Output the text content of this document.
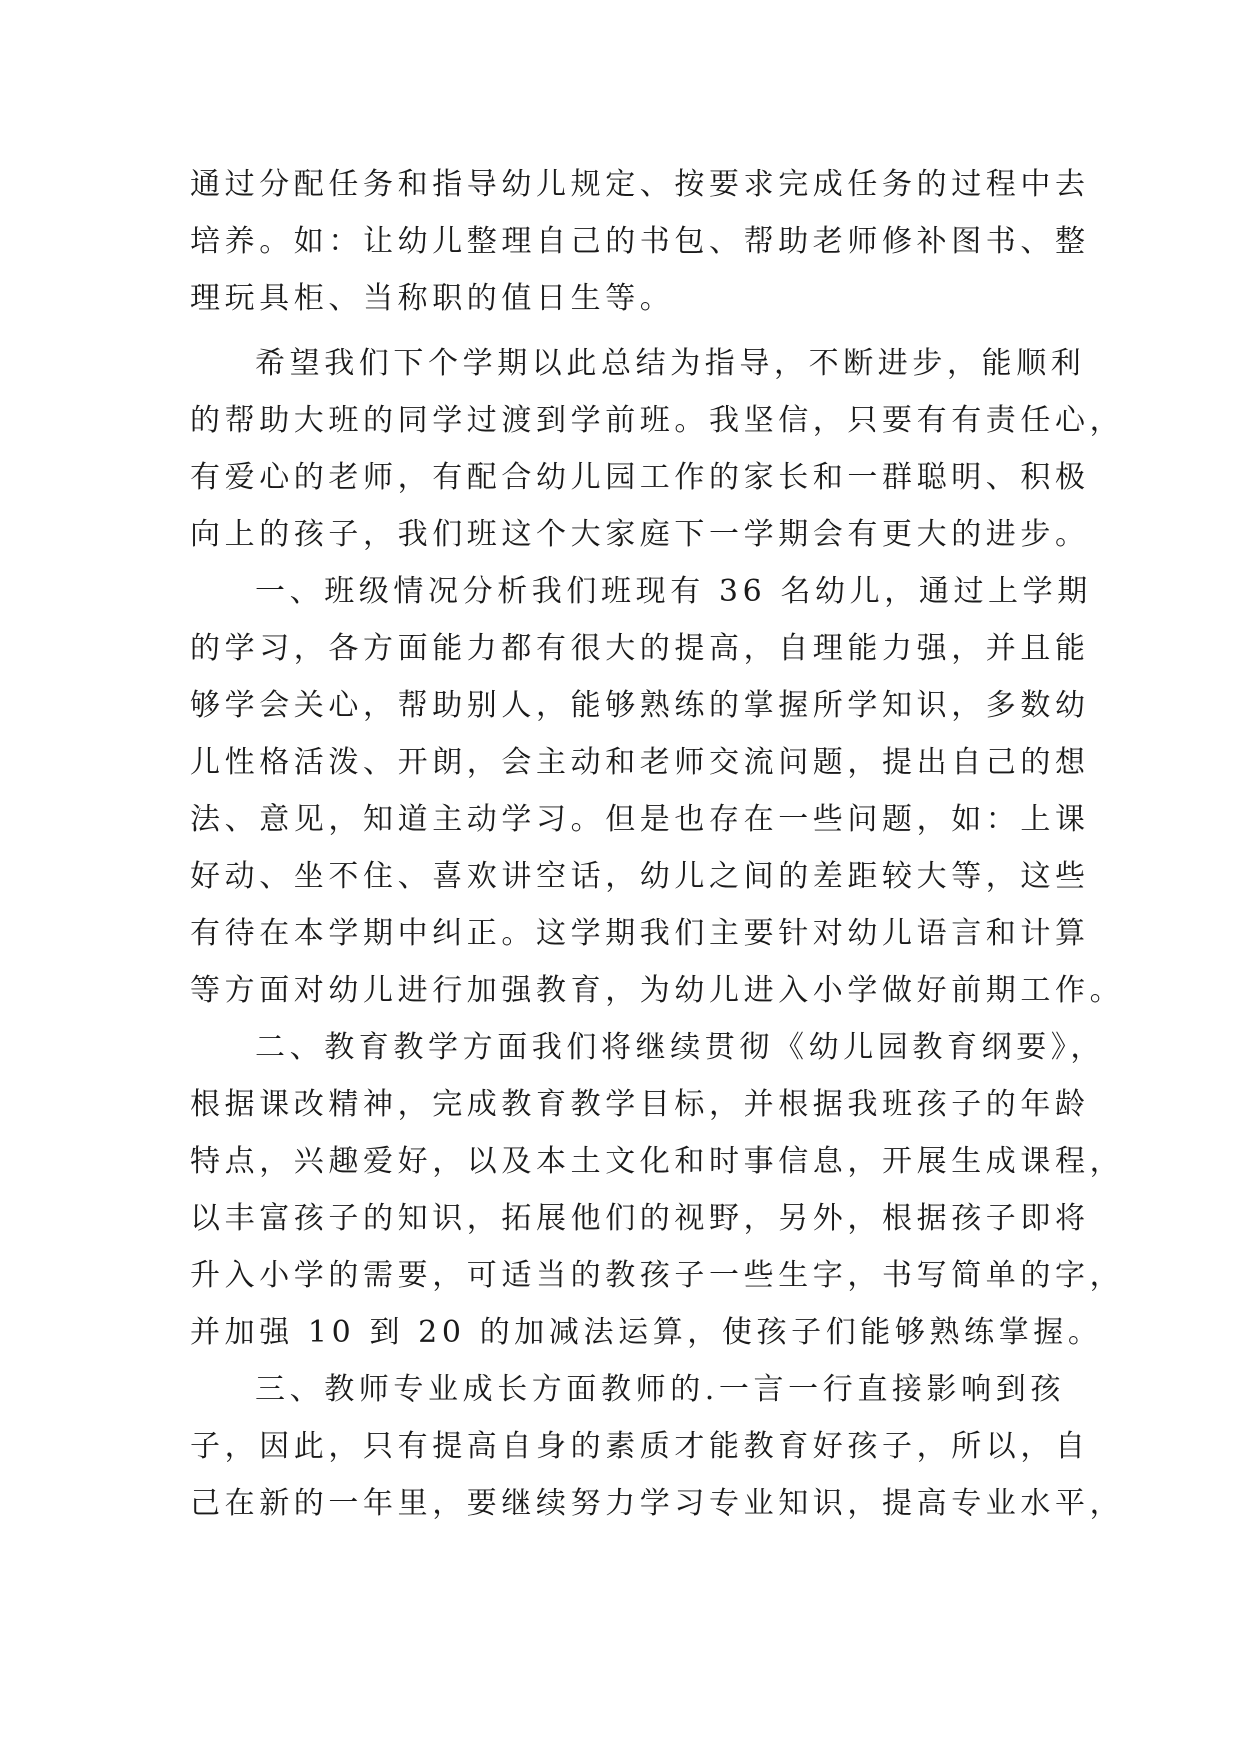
通过分配任务和指导幼儿规定、按要求完成任务的过程中去
培养。如：让幼儿整理自己的书包、帮助老师修补图书、整
理玩具柜、当称职的值日生等。
希望我们下个学期以此总结为指导，不断进步，能顺利
的帮助大班的同学过渡到学前班。我坚信，只要有有责任心，
有爱心的老师，有配合幼儿园工作的家长和一群聪明、积极
向上的孩子，我们班这个大家庭下一学期会有更大的进步。
一、班级情况分析我们班现有 36 名幼儿，通过上学期
的学习，各方面能力都有很大的提高，自理能力强，并且能
够学会关心，帮助别人，能够熟练的掌握所学知识，多数幼
儿性格活泼、开朗，会主动和老师交流问题，提出自己的想
法、意见，知道主动学习。但是也存在一些问题，如：上课
好动、坐不住、喜欢讲空话，幼儿之间的差距较大等，这些
有待在本学期中纠正。这学期我们主要针对幼儿语言和计算
等方面对幼儿进行加强教育，为幼儿进入小学做好前期工作。
二、教育教学方面我们将继续贯彻《幼儿园教育纲要》，
根据课改精神，完成教育教学目标，并根据我班孩子的年龄
特点，兴趣爱好，以及本土文化和时事信息，开展生成课程，
以丰富孩子的知识，拓展他们的视野，另外，根据孩子即将
升入小学的需要，可适当的教孩子一些生字，书写简单的字，
并加强 10 到 20 的加减法运算，使孩子们能够熟练掌握。
三、教师专业成长方面教师的.一言一行直接影响到孩
子，因此，只有提高自身的素质才能教育好孩子，所以，自
己在新的一年里，要继续努力学习专业知识，提高专业水平，
